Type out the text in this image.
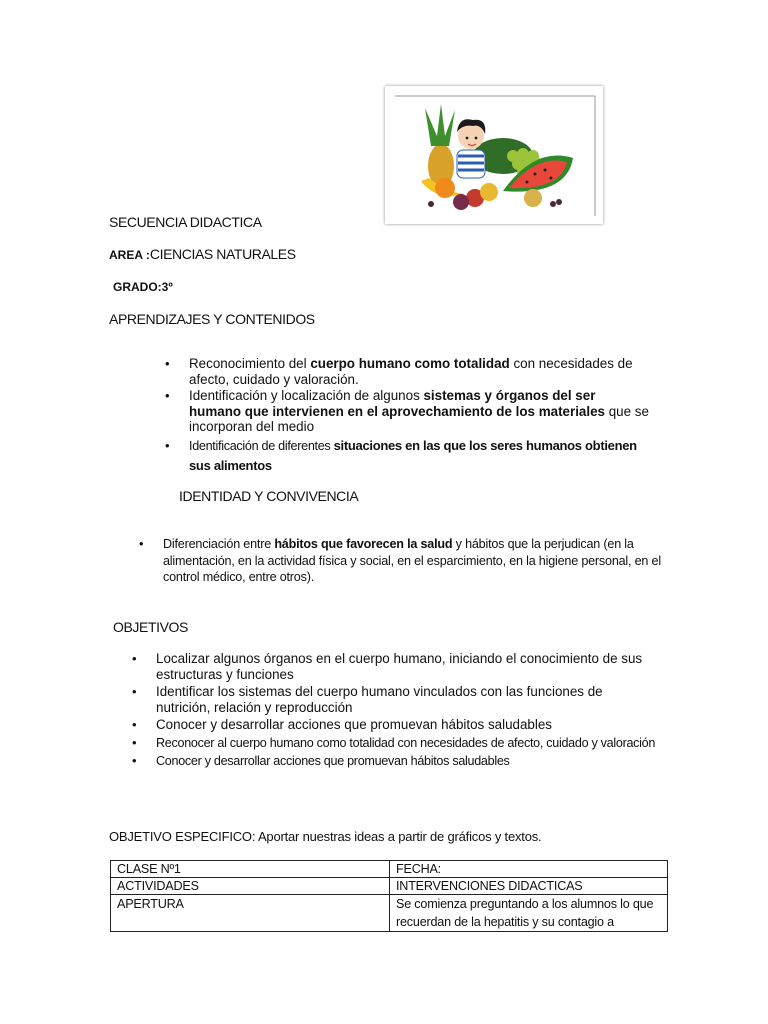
SECUENCIA DIDACTICA
AREA :CIENCIAS NATURALES
GRADO:3º
APRENDIZAJES Y CONTENIDOS
• Reconocimiento del cuerpo humano como totalidad con necesidades de afecto, cuidado y valoración.
• Identificación y localización de algunos sistemas y órganos del ser humano que intervienen en el aprovechamiento de los materiales que se incorporan del medio
• Identificación de diferentes situaciones en las que los seres humanos obtienen sus alimentos
IDENTIDAD Y CONVIVENCIA
• Diferenciación entre hábitos que favorecen la salud y hábitos que la perjudican (en la alimentación, en la actividad física y social, en el esparcimiento, en la higiene personal, en el control médico, entre otros).
OBJETIVOS
• Localizar algunos órganos en el cuerpo humano, iniciando el conocimiento de sus estructuras y funciones
• Identificar los sistemas del cuerpo humano vinculados con las funciones de nutrición, relación y reproducción
• Conocer y desarrollar acciones que promuevan hábitos saludables
• Reconocer al cuerpo humano como totalidad con necesidades de afecto, cuidado y valoración
• Conocer y desarrollar acciones que promuevan hábitos saludables
OBJETIVO ESPECIFICO: Aportar nuestras ideas a partir de gráficos y textos.
CLASE Nº1	FECHA:
ACTIVIDADES	INTERVENCIONES DIDACTICAS
APERTURA	Se comienza preguntando a los alumnos lo que recuerdan de la hepatitis y su contagio a
